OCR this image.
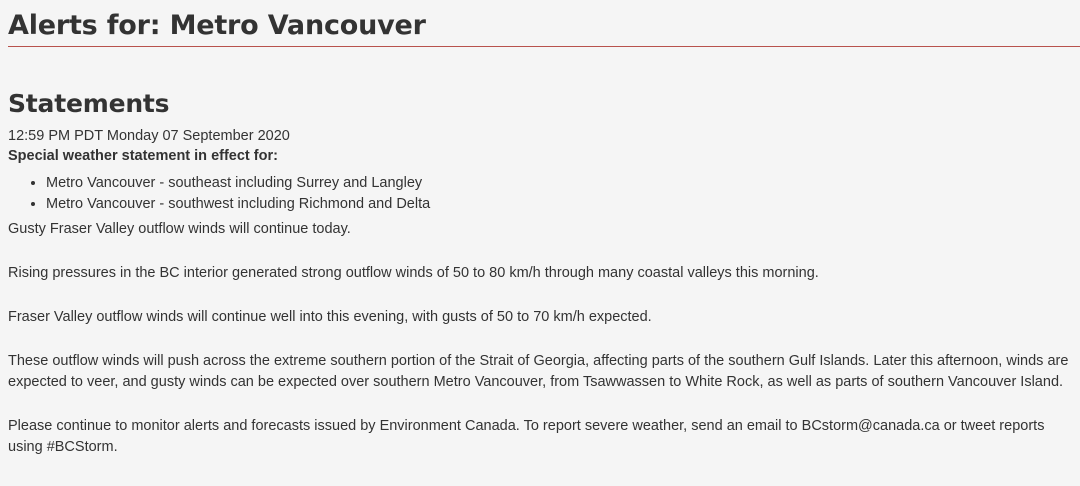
Alerts for: Metro Vancouver
Statements

12:59 PM PDT Monday 07 September 2020

Special weather statement in effect for:

• Metro Vancouver - southeast including Surrey and Langley
• Metro Vancouver - southwest including Richmond and Delta

Gusty Fraser Valley outflow winds will continue today.

Rising pressures in the BC interior generated strong outflow winds of 50 to 80 km/h through many coastal valleys this morning.

Fraser Valley outflow winds will continue well into this evening, with gusts of 50 to 70 km/h expected.

These outflow winds will push across the extreme southern portion of the Strait of Georgia, affecting parts of the southern Gulf Islands. Later this afternoon, winds are expected to veer, and gusty winds can be expected over southern Metro Vancouver, from Tsawwassen to White Rock, as well as parts of southern Vancouver Island.

Please continue to monitor alerts and forecasts issued by Environment Canada. To report severe weather, send an email to BCstorm@canada.ca or tweet reports using #BCStorm.
